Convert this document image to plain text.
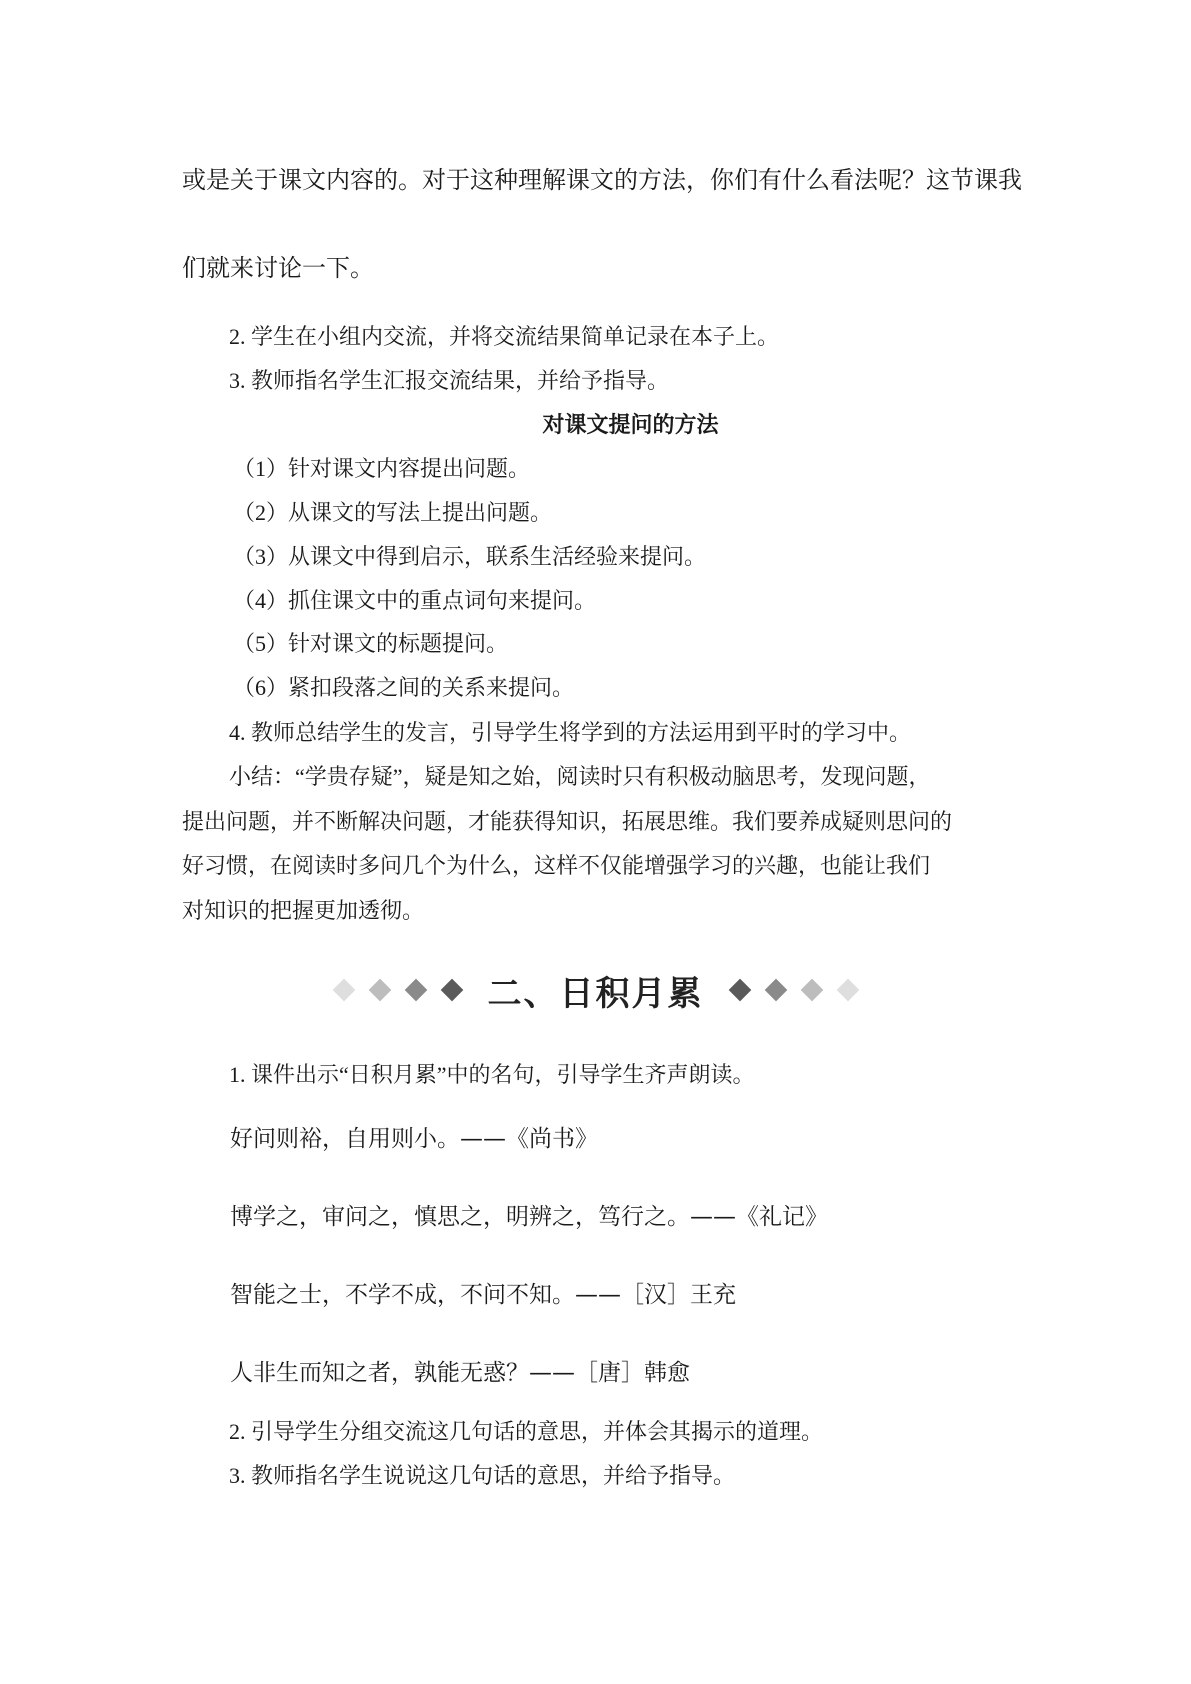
或是关于课文内容的。对于这种理解课文的方法，你们有什么看法呢？这节课我
们就来讨论一下。
2. 学生在小组内交流，并将交流结果简单记录在本子上。
3. 教师指名学生汇报交流结果，并给予指导。
对课文提问的方法
（1）针对课文内容提出问题。
（2）从课文的写法上提出问题。
（3）从课文中得到启示，联系生活经验来提问。
（4）抓住课文中的重点词句来提问。
（5）针对课文的标题提问。
（6）紧扣段落之间的关系来提问。
4. 教师总结学生的发言，引导学生将学到的方法运用到平时的学习中。
小结：“学贵存疑”，疑是知之始，阅读时只有积极动脑思考，发现问题，
提出问题，并不断解决问题，才能获得知识，拓展思维。我们要养成疑则思问的
好习惯，在阅读时多问几个为什么，这样不仅能增强学习的兴趣，也能让我们
对知识的把握更加透彻。
二、日积月累
1. 课件出示“日积月累”中的名句，引导学生齐声朗读。
好问则裕，自用则小。——《尚书》
博学之，审问之，慎思之，明辨之，笃行之。——《礼记》
智能之士，不学不成，不问不知。——［汉］王充
人非生而知之者，孰能无惑？——［唐］韩愈
2. 引导学生分组交流这几句话的意思，并体会其揭示的道理。
3. 教师指名学生说说这几句话的意思，并给予指导。
